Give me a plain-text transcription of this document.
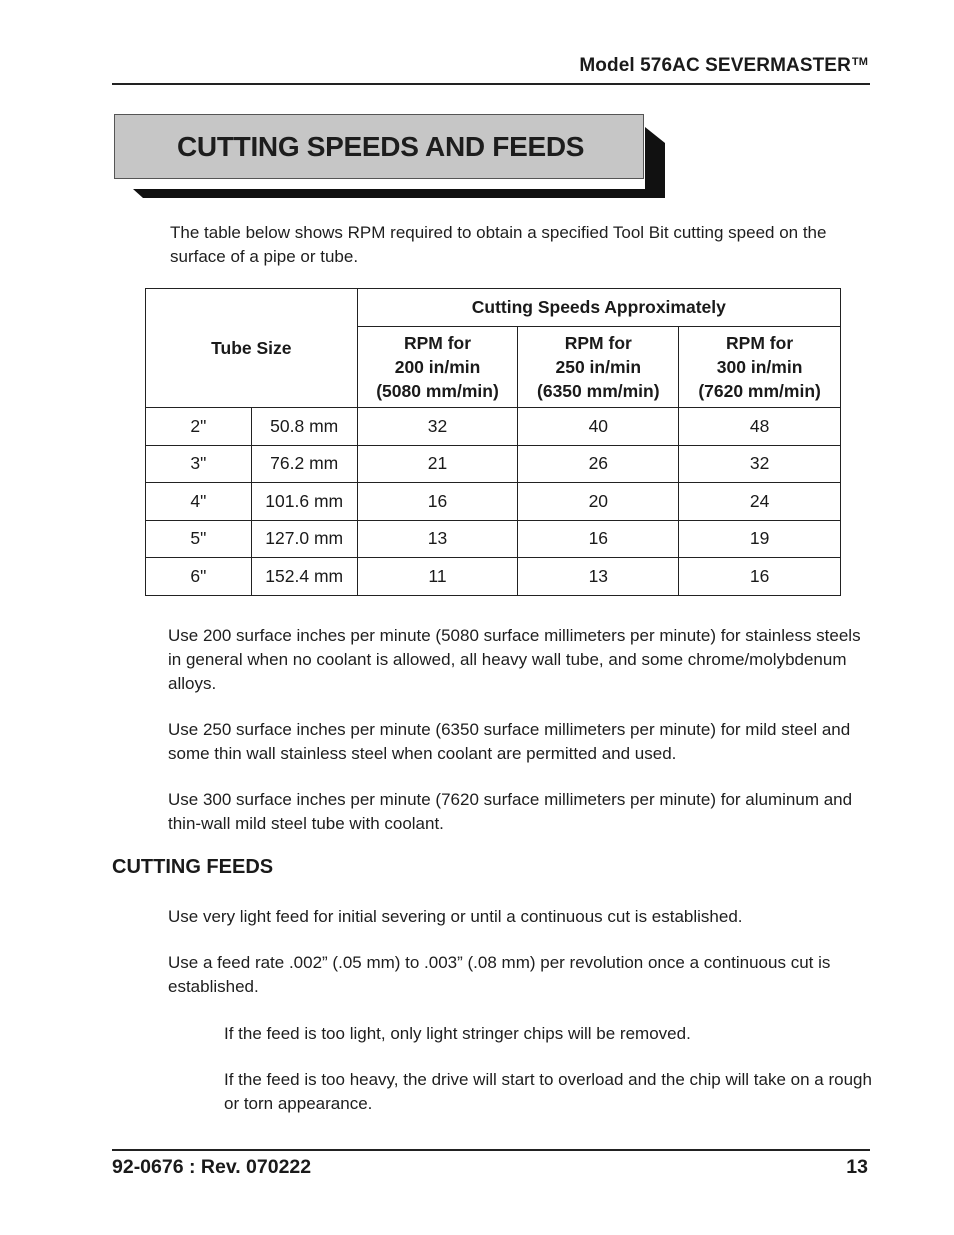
Model 576AC SEVERMASTER™
CUTTING SPEEDS AND FEEDS
The table below shows RPM required to obtain a specified Tool Bit cutting speed on the surface of a pipe or tube.
Tube Size		Cutting Speeds Approximately		
		RPM for
200 in/min
(5080 mm/min)	RPM for
250 in/min
(6350 mm/min)	RPM for
300 in/min
(7620 mm/min)
2"	50.8 mm	32	40	48
3"	76.2 mm	21	26	32
4"	101.6 mm	16	20	24
5"	127.0 mm	13	16	19
6"	152.4 mm	11	13	16
Use 200 surface inches per minute (5080 surface millimeters per minute) for stainless steels in general when no coolant is allowed, all heavy wall tube, and some chrome/molybdenum alloys.
Use 250 surface inches per minute (6350 surface millimeters per minute) for mild steel and some thin wall stainless steel when coolant are permitted and used.
Use 300 surface inches per minute (7620 surface millimeters per minute) for aluminum and thin-wall mild steel tube with coolant.
CUTTING FEEDS
Use very light feed for initial severing or until a continuous cut is established.
Use a feed rate .002” (.05 mm) to .003” (.08 mm) per revolution once a continuous cut is established.
If the feed is too light, only light stringer chips will be removed.
If the feed is too heavy, the drive will start to overload and the chip will take on a rough or torn appearance.
92-0676 : Rev. 070222	13
